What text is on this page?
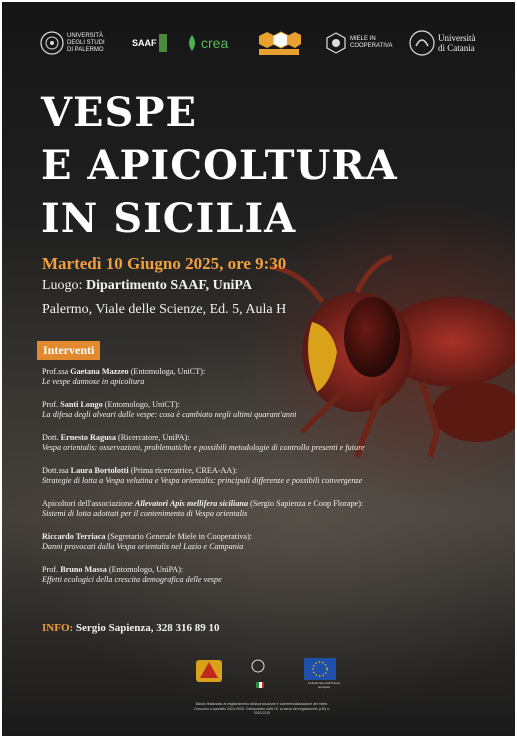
UNIVERSITÀ DEGLI STUDI DI PALERMO
SAAF	crea	MIELE IN COOPERATIVA
Università
di Catania
VESPE
E APICOLTURA
IN SICILIA
Martedì 10 Giugno 2025, ore 9:30
Luogo: Dipartimento SAAF, UniPA
Palermo, Viale delle Scienze, Ed. 5, Aula H
Interventi
Prof.ssa Gaetana Mazzeo (Entomologa, UniCT):
Le vespe dannose in apicoltura
Prof. Santi Longo (Entomologo, UniCT):
La difesa degli alveari dalle vespe: cosa è cambiato negli ultimi quarant'anni
Dott. Ernesto Ragusa (Ricercatore, UniPA):
Vespa orientalis: osservazioni, problematiche e possibili metodologie di controllo presenti e future
Dott.ssa Laura Bortolotti (Prima ricercatrice, CREA-AA):
Strategie di lotta a Vespa velutina e Vespa orientalis: principali differenze e possibili convergenze
Apicoltori dell'associazione Allevatori Apis mellifera siciliana (Sergio Sapienza e Coop Florape):
Sistemi di lotta adottati per il contenimento di Vespa orientalis
Riccardo Terriaca (Segretario Generale Miele in Cooperativa):
Danni provocati dalla Vespa orientalis nel Lazio e Campania
Prof. Bruno Massa (Entomologo, UniPA):
Effetti ecologici della crescita demografica delle vespe
INFO: Sergio Sapienza, 328 316 89 10
Cofinanziato dall'Unione Europea
Bando finalizzato al miglioramento della produzione e commercializzazione del miele. Concorso a sportello 2024-2025. Cofinanziato dall'U.E. ai sensi del regolamento (UE) n. 2021/2115
